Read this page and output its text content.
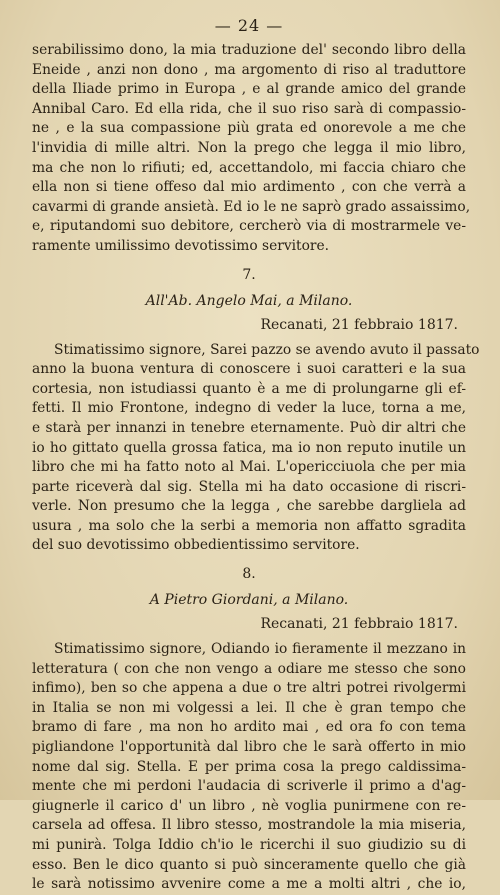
— 24 —
serabilissimo dono, la mia traduzione del' secondo libro della
Eneide , anzi non dono , ma argomento di riso al traduttore
della Iliade primo in Europa , e al grande amico del grande
Annibal Caro. Ed ella rida, che il suo riso sarà di compassio-
ne , e la sua compassione più grata ed onorevole a me che
l'invidia di mille altri. Non la prego che legga il mio libro,
ma che non lo rifiuti; ed, accettandolo, mi faccia chiaro che
ella non si tiene offeso dal mio ardimento , con che verrà a
cavarmi di grande ansietà. Ed io le ne saprò grado assaissimo,
e, riputandomi suo debitore, cercherò via di mostrarmele ve-
ramente umilissimo devotissimo servitore.
7.
All'Ab. Angelo Mai, a Milano.
Recanati, 21 febbraio 1817.
Stimatissimo signore, Sarei pazzo se avendo avuto il passato
anno la buona ventura di conoscere i suoi caratteri e la sua
cortesia, non istudiassi quanto è a me di prolungarne gli ef-
fetti. Il mio Frontone, indegno di veder la luce, torna a me,
e starà per innanzi in tenebre eternamente. Può dir altri che
io ho gittato quella grossa fatica, ma io non reputo inutile un
libro che mi ha fatto noto al Mai. L'opericciuola che per mia
parte riceverà dal sig. Stella mi ha dato occasione di riscri-
verle. Non presumo che la legga , che sarebbe dargliela ad
usura , ma solo che la serbi a memoria non affatto sgradita
del suo devotissimo obbedientissimo servitore.
8.
A Pietro Giordani, a Milano.
Recanati, 21 febbraio 1817.
Stimatissimo signore, Odiando io fieramente il mezzano in
letteratura ( con che non vengo a odiare me stesso che sono
infimo), ben so che appena a due o tre altri potrei rivolgermi
in Italia se non mi volgessi a lei. Il che è gran tempo che
bramo di fare , ma non ho ardito mai , ed ora fo con tema
pigliandone l'opportunità dal libro che le sarà offerto in mio
nome dal sig. Stella. E per prima cosa la prego caldissima-
mente che mi perdoni l'audacia di scriverle il primo a d'ag-
giugnerle il carico d' un libro , nè voglia punirmene con re-
carsela ad offesa. Il libro stesso, mostrandole la mia miseria,
mi punirà. Tolga Iddio ch'io le ricerchi il suo giudizio su di
esso. Ben le dico quanto si può sinceramente quello che già
le sarà notissimo avvenire come a me a molti altri , che io,
